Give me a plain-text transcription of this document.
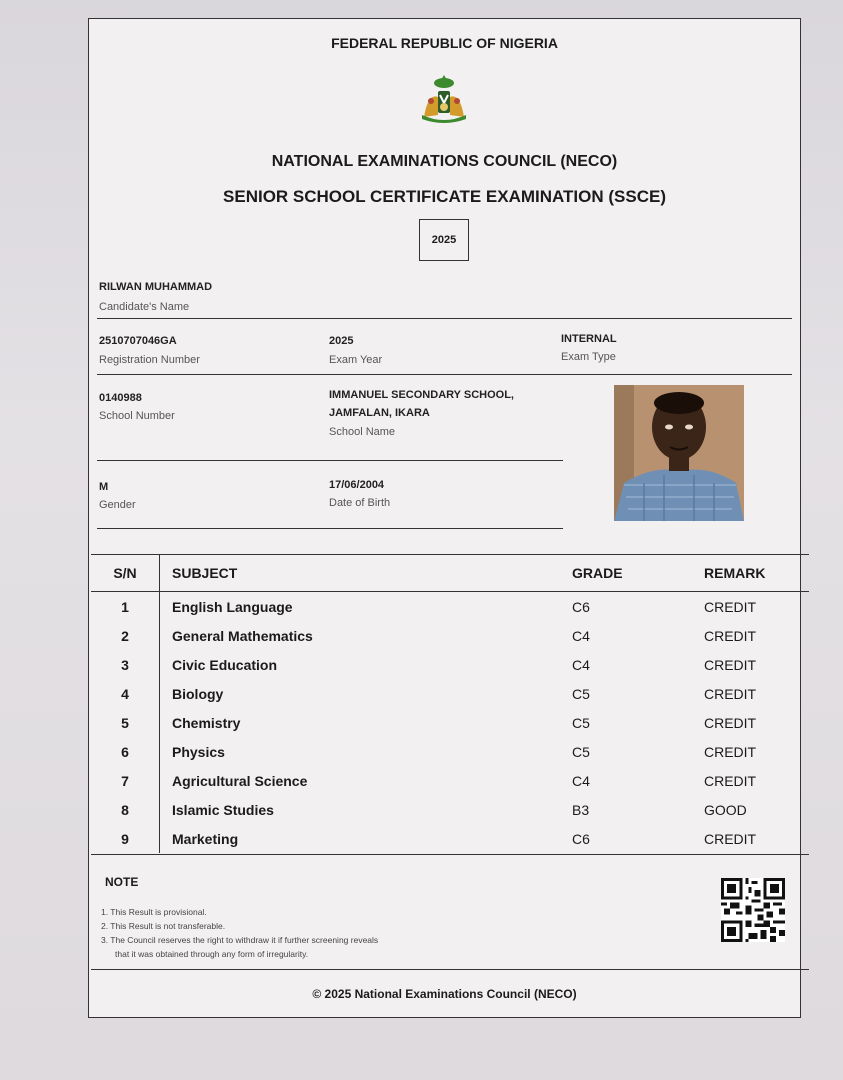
FEDERAL REPUBLIC OF NIGERIA
NATIONAL EXAMINATIONS COUNCIL (NECO)
SENIOR SCHOOL CERTIFICATE EXAMINATION (SSCE)
2025
RILWAN MUHAMMAD
Candidate's Name
2510707046GA
Registration Number
2025
Exam Year
INTERNAL
Exam Type
0140988
School Number
IMMANUEL SECONDARY SCHOOL,
JAMFALAN, IKARA
School Name
M
Gender
17/06/2004
Date of Birth
S/N	SUBJECT	GRADE	REMARK
1	English Language	C6	CREDIT
2	General Mathematics	C4	CREDIT
3	Civic Education	C4	CREDIT
4	Biology	C5	CREDIT
5	Chemistry	C5	CREDIT
6	Physics	C5	CREDIT
7	Agricultural Science	C4	CREDIT
8	Islamic Studies	B3	GOOD
9	Marketing	C6	CREDIT
NOTE
1. This Result is provisional.
2. This Result is not transferable.
3. The Council reserves the right to withdraw it if further screening reveals
that it was obtained through any form of irregularity.
© 2025 National Examinations Council (NECO)
